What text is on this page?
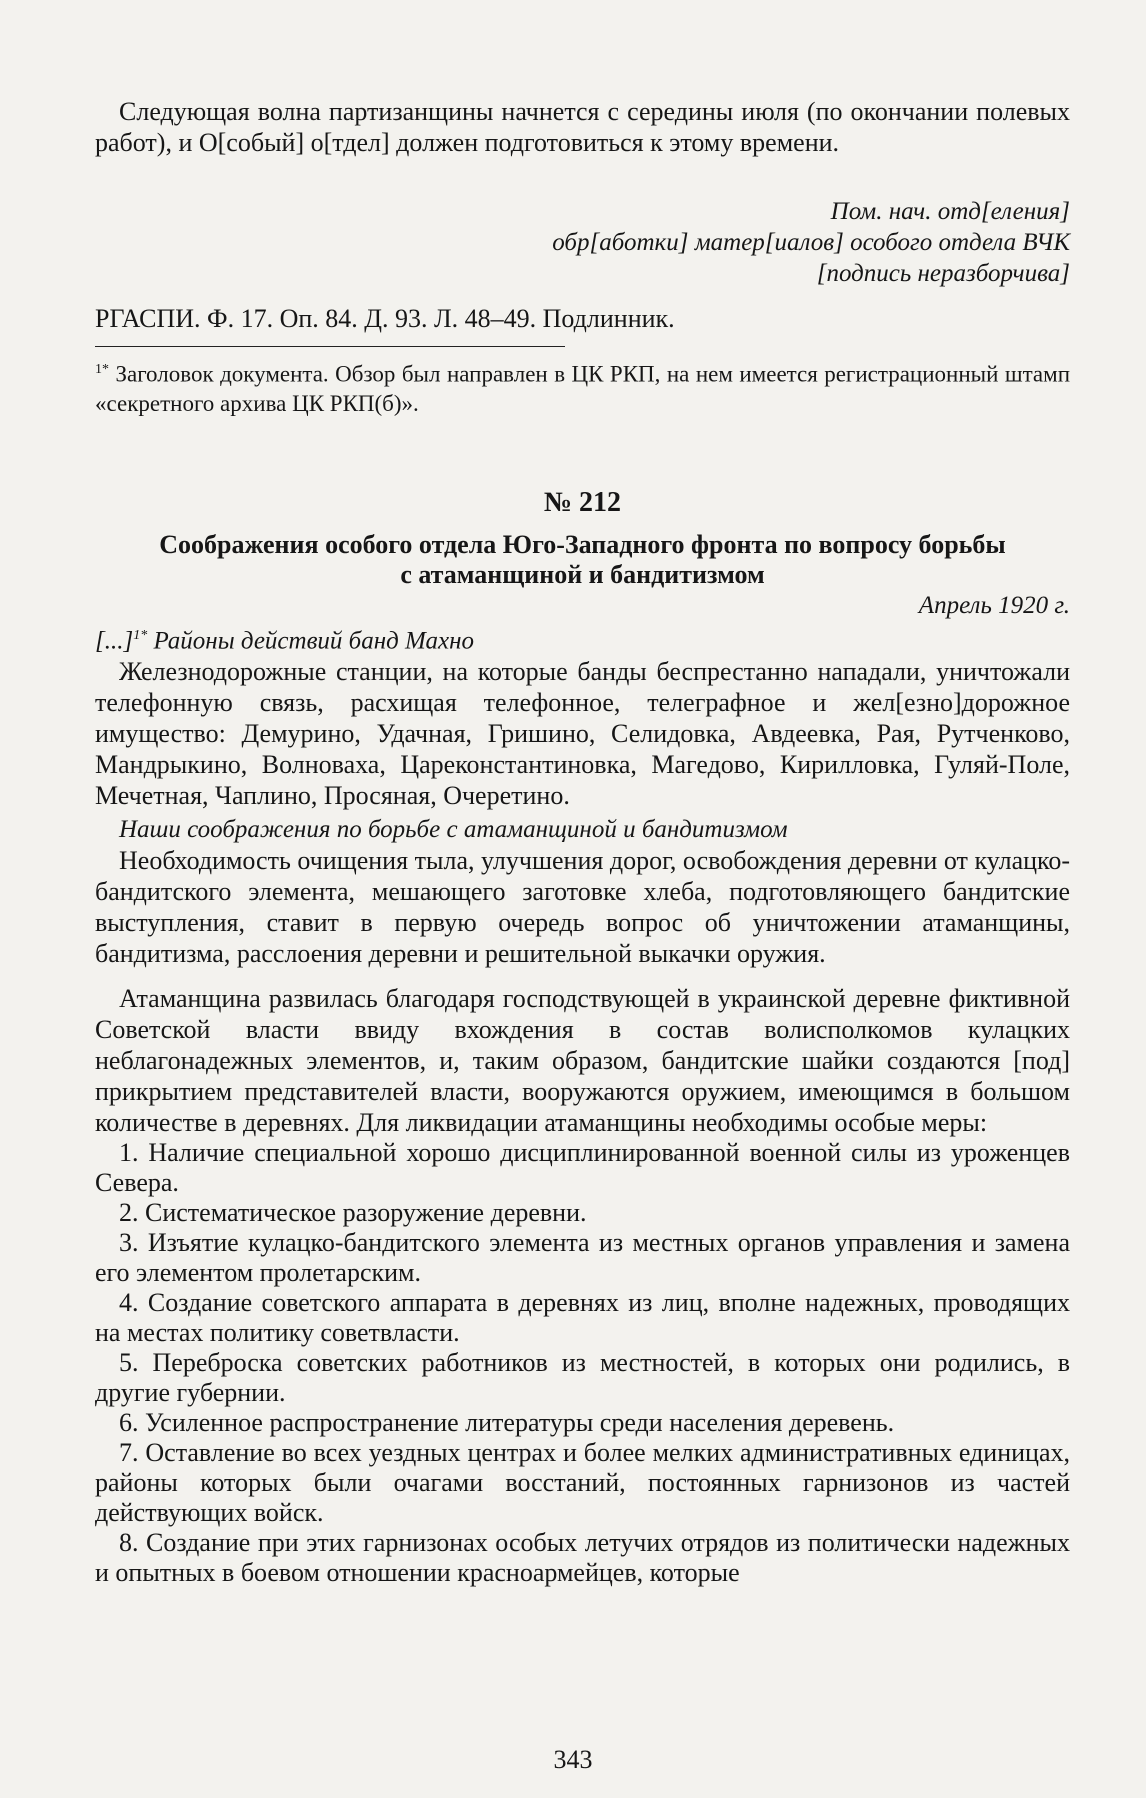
Следующая волна партизанщины начнется с середины июля (по окончании полевых работ), и О[собый] о[тдел] должен подготовиться к этому времени.

Пом. нач. отд[еления]
обр[аботки] матер[иалов] особого отдела ВЧК
[подпись неразборчива]

РГАСПИ. Ф. 17. Оп. 84. Д. 93. Л. 48–49. Подлинник.

$^{1*}$ Заголовок документа. Обзор был направлен в ЦК РКП, на нем имеется регистрационный штамп «секретного архива ЦК РКП(б)».

№ 212
Соображения особого отдела Юго-Западного фронта по вопросу борьбы
с атаманщиной и бандитизмом
Апрель 1920 г.

[...]$^{1*}$ Районы действий банд Махно

Железнодорожные станции, на которые банды беспрестанно нападали, уничтожали телефонную связь, расхищая телефонное, телеграфное и жел[езно]дорожное имущество: Демурино, Удачная, Гришино, Селидовка, Авдеевка, Рая, Рутченково, Мандрыкино, Волноваха, Цареконстантиновка, Магедово, Кирилловка, Гуляй-Поле, Мечетная, Чаплино, Просяная, Очеретино.

Наши соображения по борьбе с атаманщиной и бандитизмом

Необходимость очищения тыла, улучшения дорог, освобождения деревни от кулацко-бандитского элемента, мешающего заготовке хлеба, подготовляющего бандитские выступления, ставит в первую очередь вопрос об уничтожении атаманщины, бандитизма, расслоения деревни и решительной выкачки оружия.

Атаманщина развилась благодаря господствующей в украинской деревне фиктивной Советской власти ввиду вхождения в состав волисполкомов кулацких неблагонадежных элементов, и, таким образом, бандитские шайки создаются [под] прикрытием представителей власти, вооружаются оружием, имеющимся в большом количестве в деревнях. Для ликвидации атаманщины необходимы особые меры:

1. Наличие специальной хорошо дисциплинированной военной силы из уроженцев Севера.

2. Систематическое разоружение деревни.

3. Изъятие кулацко-бандитского элемента из местных органов управления и замена его элементом пролетарским.

4. Создание советского аппарата в деревнях из лиц, вполне надежных, проводящих на местах политику советвласти.

5. Переброска советских работников из местностей, в которых они родились, в другие губернии.

6. Усиленное распространение литературы среди населения деревень.

7. Оставление во всех уездных центрах и более мелких административных единицах, районы которых были очагами восстаний, постоянных гарнизонов из частей действующих войск.

8. Создание при этих гарнизонах особых летучих отрядов из политически надежных и опытных в боевом отношении красноармейцев, которые

343
